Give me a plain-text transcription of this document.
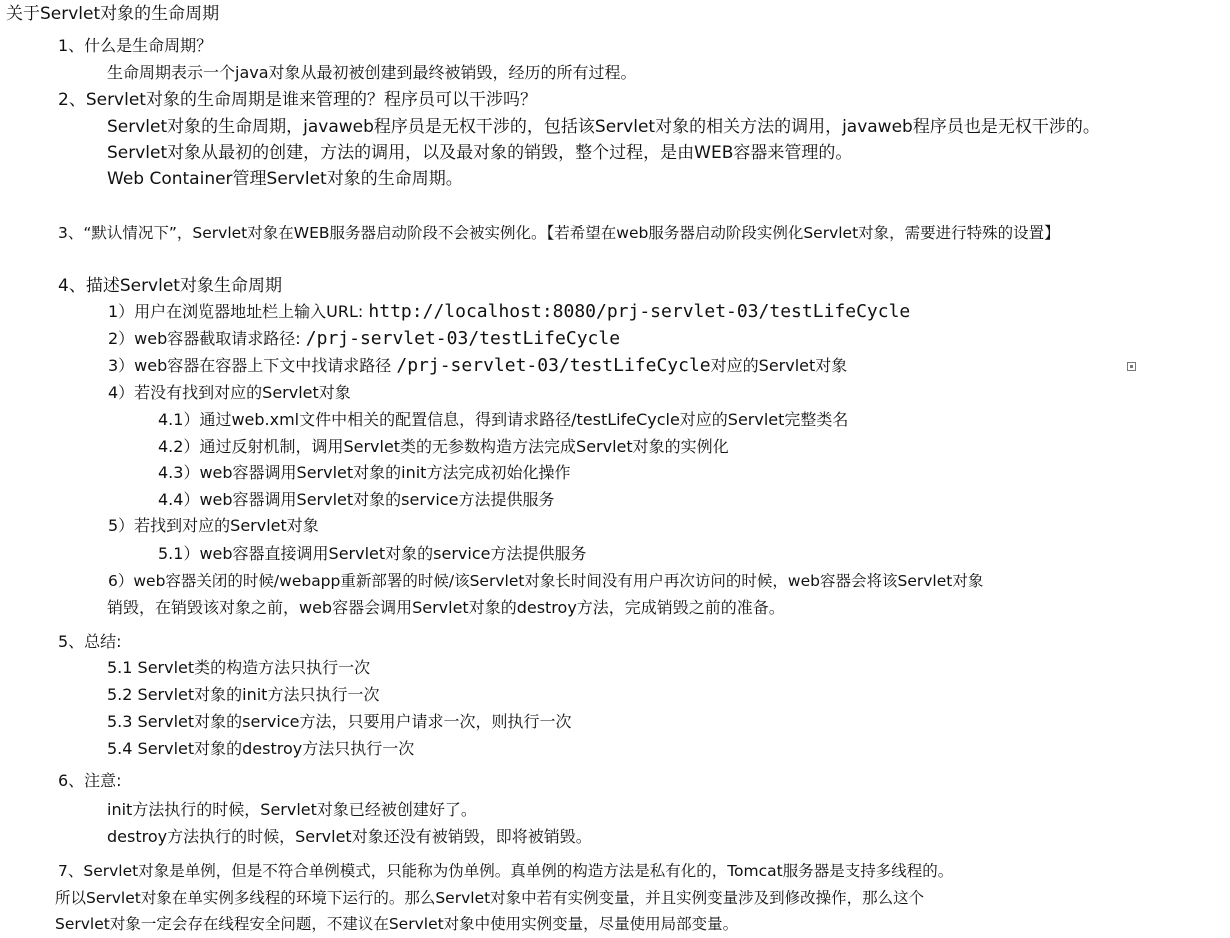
关于Servlet对象的生命周期
1、什么是生命周期？
生命周期表示一个java对象从最初被创建到最终被销毁，经历的所有过程。
2、Servlet对象的生命周期是谁来管理的？程序员可以干涉吗？
Servlet对象的生命周期，javaweb程序员是无权干涉的，包括该Servlet对象的相关方法的调用，javaweb程序员也是无权干涉的。
Servlet对象从最初的创建，方法的调用，以及最对象的销毁，整个过程，是由WEB容器来管理的。
Web Container管理Servlet对象的生命周期。
3、“默认情况下”，Servlet对象在WEB服务器启动阶段不会被实例化。【若希望在web服务器启动阶段实例化Servlet对象，需要进行特殊的设置】
4、描述Servlet对象生命周期
1）用户在浏览器地址栏上输入URL: http://localhost:8080/prj-servlet-03/testLifeCycle
2）web容器截取请求路径: /prj-servlet-03/testLifeCycle
3）web容器在容器上下文中找请求路径 /prj-servlet-03/testLifeCycle对应的Servlet对象
4）若没有找到对应的Servlet对象
4.1）通过web.xml文件中相关的配置信息，得到请求路径/testLifeCycle对应的Servlet完整类名
4.2）通过反射机制，调用Servlet类的无参数构造方法完成Servlet对象的实例化
4.3）web容器调用Servlet对象的init方法完成初始化操作
4.4）web容器调用Servlet对象的service方法提供服务
5）若找到对应的Servlet对象
5.1）web容器直接调用Servlet对象的service方法提供服务
6）web容器关闭的时候/webapp重新部署的时候/该Servlet对象长时间没有用户再次访问的时候，web容器会将该Servlet对象
销毁，在销毁该对象之前，web容器会调用Servlet对象的destroy方法，完成销毁之前的准备。
5、总结:
5.1 Servlet类的构造方法只执行一次
5.2 Servlet对象的init方法只执行一次
5.3 Servlet对象的service方法，只要用户请求一次，则执行一次
5.4 Servlet对象的destroy方法只执行一次
6、注意:
init方法执行的时候，Servlet对象已经被创建好了。
destroy方法执行的时候，Servlet对象还没有被销毁，即将被销毁。
7、Servlet对象是单例，但是不符合单例模式，只能称为伪单例。真单例的构造方法是私有化的，Tomcat服务器是支持多线程的。
所以Servlet对象在单实例多线程的环境下运行的。那么Servlet对象中若有实例变量，并且实例变量涉及到修改操作，那么这个
Servlet对象一定会存在线程安全问题，不建议在Servlet对象中使用实例变量，尽量使用局部变量。
